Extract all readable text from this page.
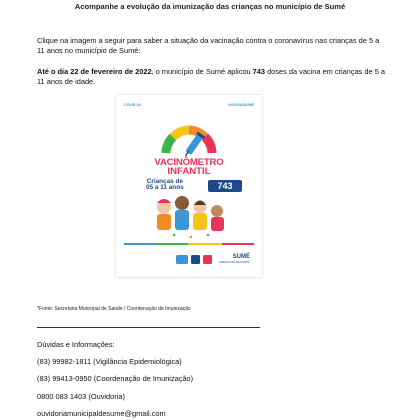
Acompanhe a evolução da imunização das crianças no município de Sumé

Clique na imagem a seguir para saber a situação da vacinação contra o coronavírus nas crianças de 5 a 11 anos no município de Sumé:

Até o dia 22 de fevereiro de 2022, o município de Sumé aplicou 743 doses da vacina em crianças de 5 a 11 anos de idade.

COVID-19	#VACINASUMÉ
VACINÔMETRO
INFANTIL
Crianças de
05 a 11 anos	743
SUMÉ
PREFEITURA MUNICIPAL
*Fonte: Secretaria Municipal de Saúde / Coordenação de Imunização
Dúvidas e Informações:
(83) 99982-1811 (Vigilância Epidemiológica)
(83) 99413-0950 (Coordenação de Imunização)
0800 083 1403 (Ouvidoria)
ouvidoriamunicipaldesume@gmail.com
